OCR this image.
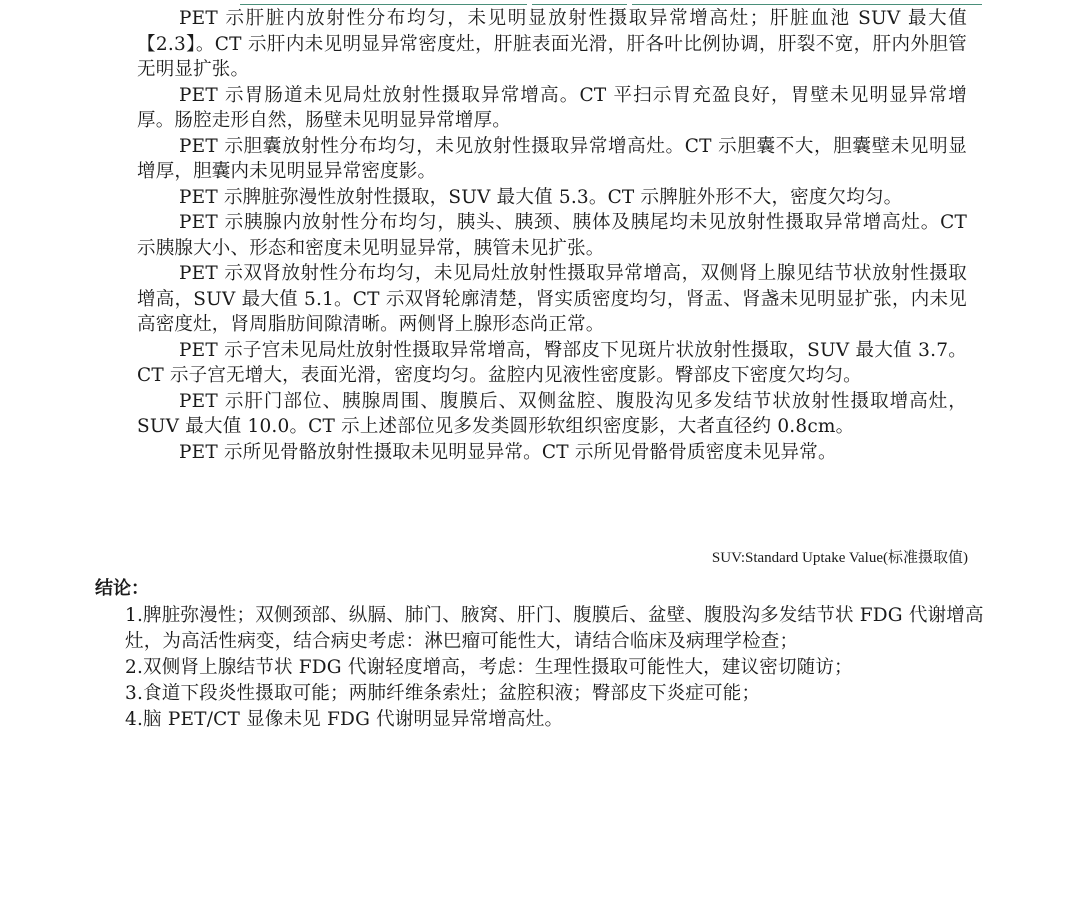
PET 示肝脏内放射性分布均匀，未见明显放射性摄取异常增高灶；肝脏血池 SUV 最大值【2.3】。CT 示肝内未见明显异常密度灶，肝脏表面光滑，肝各叶比例协调，肝裂不宽，肝内外胆管无明显扩张。

PET 示胃肠道未见局灶放射性摄取异常增高。CT 平扫示胃充盈良好，胃壁未见明显异常增厚。肠腔走形自然，肠壁未见明显异常增厚。

PET 示胆囊放射性分布均匀，未见放射性摄取异常增高灶。CT 示胆囊不大，胆囊壁未见明显增厚，胆囊内未见明显异常密度影。

PET 示脾脏弥漫性放射性摄取，SUV 最大值 5.3。CT 示脾脏外形不大，密度欠均匀。

PET 示胰腺内放射性分布均匀，胰头、胰颈、胰体及胰尾均未见放射性摄取异常增高灶。CT 示胰腺大小、形态和密度未见明显异常，胰管未见扩张。

PET 示双肾放射性分布均匀，未见局灶放射性摄取异常增高，双侧肾上腺见结节状放射性摄取增高，SUV 最大值 5.1。CT 示双肾轮廓清楚，肾实质密度均匀，肾盂、肾盏未见明显扩张，内未见高密度灶，肾周脂肪间隙清晰。两侧肾上腺形态尚正常。

PET 示子宫未见局灶放射性摄取异常增高，臀部皮下见斑片状放射性摄取，SUV 最大值 3.7。CT 示子宫无增大，表面光滑，密度均匀。盆腔内见液性密度影。臀部皮下密度欠均匀。

PET 示肝门部位、胰腺周围、腹膜后、双侧盆腔、腹股沟见多发结节状放射性摄取增高灶，SUV 最大值 10.0。CT 示上述部位见多发类圆形软组织密度影，大者直径约 0.8cm。

PET 示所见骨骼放射性摄取未见明显异常。CT 示所见骨骼骨质密度未见异常。

SUV:Standard Uptake Value(标准摄取值)
结论：

1.脾脏弥漫性；双侧颈部、纵膈、肺门、腋窝、肝门、腹膜后、盆壁、腹股沟多发结节状 FDG 代谢增高灶，为高活性病变，结合病史考虑：淋巴瘤可能性大，请结合临床及病理学检查；

2.双侧肾上腺结节状 FDG 代谢轻度增高，考虑：生理性摄取可能性大，建议密切随访；

3.食道下段炎性摄取可能；两肺纤维条索灶；盆腔积液；臀部皮下炎症可能；

4.脑 PET/CT 显像未见 FDG 代谢明显异常增高灶。
